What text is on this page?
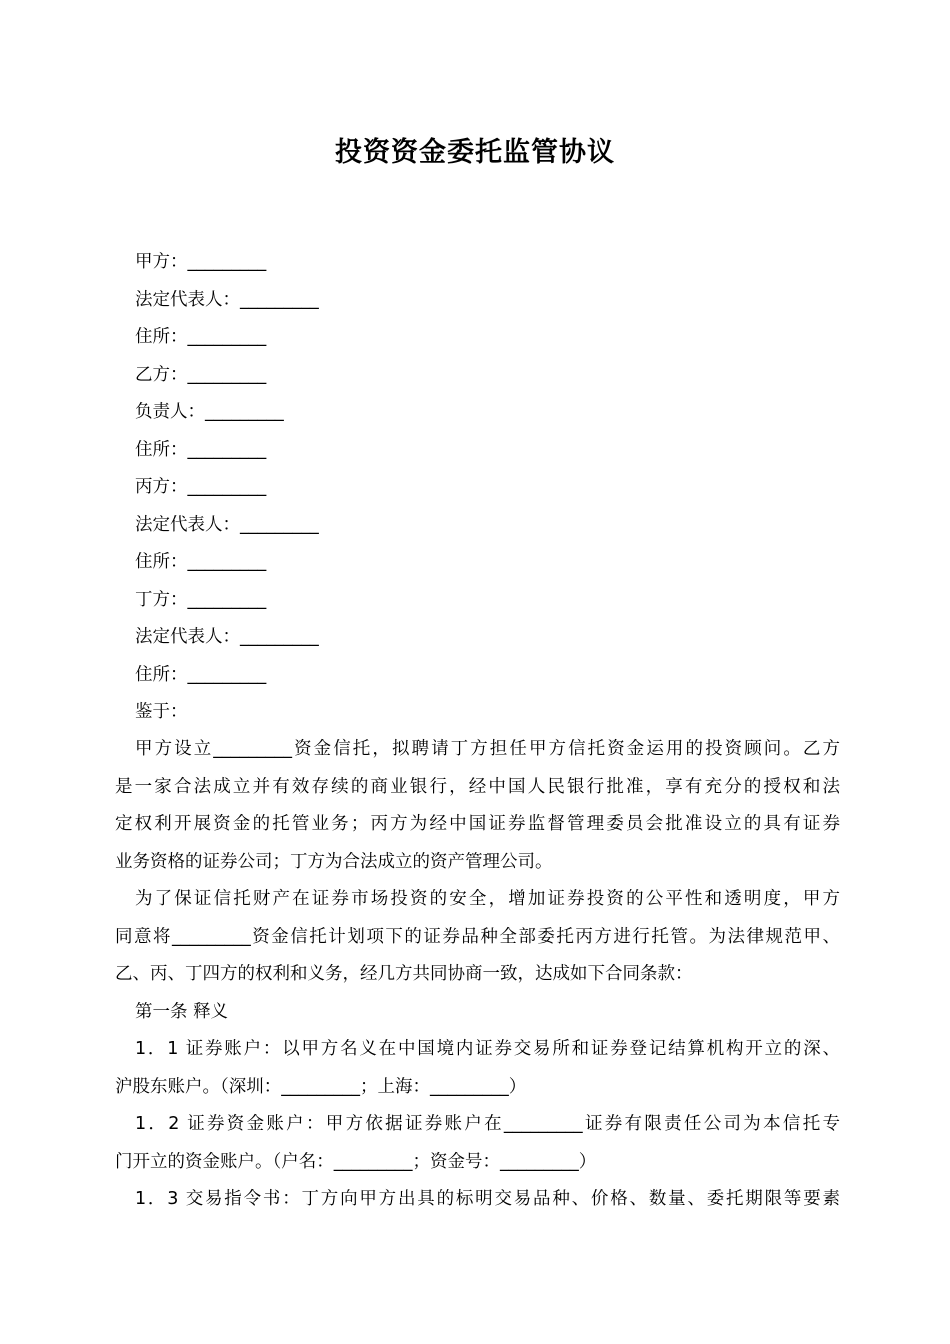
投资资金委托监管协议
甲方：_________
法定代表人：_________
住所：_________
乙方：_________
负责人：_________
住所：_________
丙方：_________
法定代表人：_________
住所：_________
丁方：_________
法定代表人：_________
住所：_________
鉴于：
甲方设立_________资金信托，拟聘请丁方担任甲方信托资金运用的投资顾问。乙方
是一家合法成立并有效存续的商业银行，经中国人民银行批准，享有充分的授权和法
定权利开展资金的托管业务；丙方为经中国证券监督管理委员会批准设立的具有证券
业务资格的证券公司；丁方为合法成立的资产管理公司。
为了保证信托财产在证券市场投资的安全，增加证券投资的公平性和透明度，甲方
同意将_________资金信托计划项下的证券品种全部委托丙方进行托管。为法律规范甲、
乙、丙、丁四方的权利和义务，经几方共同协商一致，达成如下合同条款：
第一条 释义
1．1 证券账户：以甲方名义在中国境内证券交易所和证券登记结算机构开立的深、
沪股东账户。（深圳：_________；上海：_________）
1．2 证券资金账户：甲方依据证券账户在_________证券有限责任公司为本信托专
门开立的资金账户。（户名：_________；资金号：_________）
1．3 交易指令书：丁方向甲方出具的标明交易品种、价格、数量、委托期限等要素
